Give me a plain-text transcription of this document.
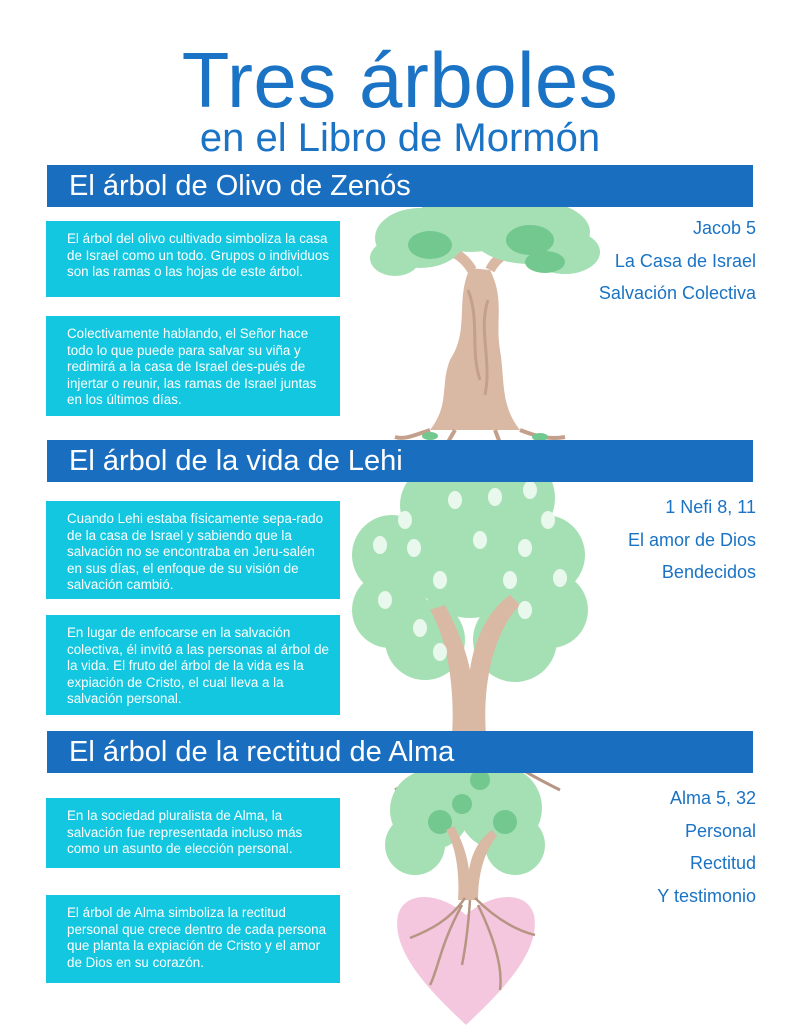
Tres árboles
en el Libro de Mormón
El árbol de Olivo de Zenós
El árbol del olivo cultivado simboliza la casa de Israel como un todo. Grupos o individuos son las ramas o las hojas de este árbol.
Colectivamente hablando, el Señor hace todo lo que puede para salvar su viña y redimirá a la casa de Israel des-pués de injertar o reunir, las ramas de Israel juntas en los últimos días.
Jacob 5
La Casa de Israel
Salvación Colectiva
El árbol de la vida de Lehi
Cuando Lehi estaba físicamente sepa-rado de la casa de Israel y sabiendo que la salvación no se encontraba en Jeru-salén en sus días, el enfoque de su visión de salvación cambió.
En lugar de enfocarse en la salvación colectiva, él invitó a las personas al árbol de la vida. El fruto del árbol de la vida es la expiación de Cristo, el cual lleva a la salvación personal.
1 Nefi 8, 11
El amor de Dios
Bendecidos
El árbol de la rectitud de Alma
En la sociedad pluralista de Alma, la salvación fue representada incluso más como un asunto de elección personal.
El árbol de Alma simboliza la rectitud personal que crece dentro de cada persona que planta la expiación de Cristo y el amor de Dios en su corazón.
Alma 5, 32
Personal
Rectitud
Y testimonio
